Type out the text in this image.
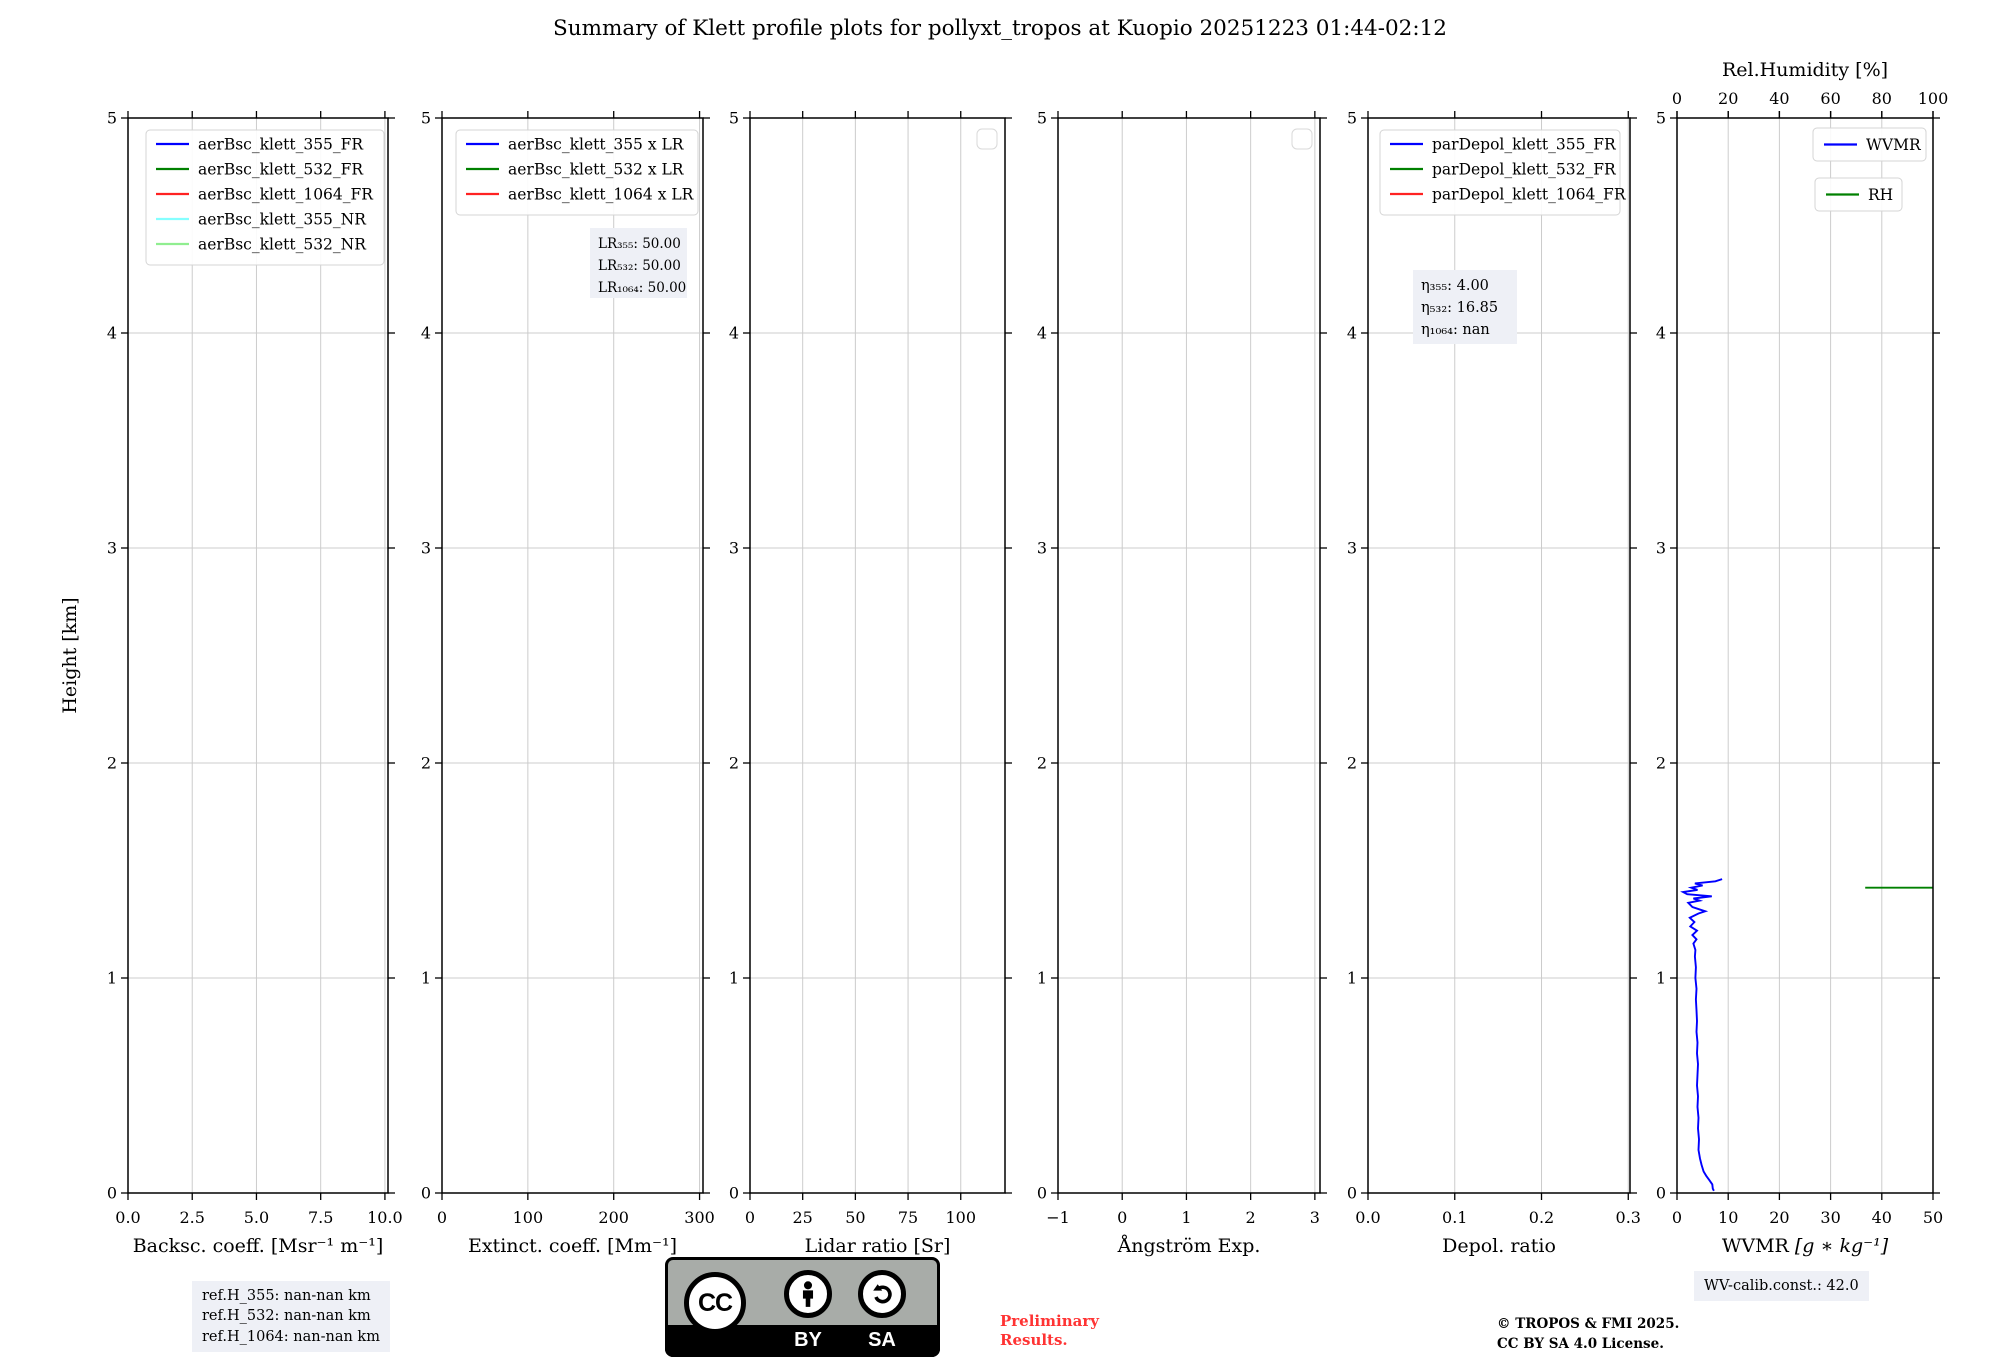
Summary of Klett profile plots for pollyxt_tropos at Kuopio 20251223 01:44-02:12
0.0 2.5 5.0 7.5 10.0
Backsc. coeff. [Msr⁻¹ m⁻¹]
0
1
2
3
4
5
Height [km]
aerBsc_klett_355_FR
aerBsc_klett_532_FR
aerBsc_klett_1064_FR
aerBsc_klett_355_NR
aerBsc_klett_532_NR
0	100	200	300
Extinct. coeff. [Mm⁻¹]
0
1
2
3
4
5
aerBsc_klett_355 x LR
aerBsc_klett_532 x LR
aerBsc_klett_1064 x LR
LR₃₅₅: 50.00
LR₅₃₂: 50.00
LR₁₀₆₄: 50.00
0 25 50 75 100
Lidar ratio [Sr]
0
1
2
3
4
5
−1	0	1	2	3
Ångström Exp.
0
1
2
3
4
5
0.0	0.1	0.2	0.3
Depol. ratio
0
1
2
3
4
5
parDepol_klett_355_FR
parDepol_klett_532_FR
parDepol_klett_1064_FR
η₃₅₅: 4.00
η₅₃₂: 16.85
η₁₀₆₄: nan
0 10 20 30 40 50
WVMR [g ∗ kg⁻¹]
0
1
2
3
4
5
0 20 40 60 80 100
Rel.Humidity [%]
WVMR
RH
ref.H_355: nan-nan km
ref.H_532: nan-nan km
ref.H_1064: nan-nan km
CC
BY	SA
Preliminary Results.
© TROPOS & FMI 2025.
CC BY SA 4.0 License.
WV-calib.const.: 42.0
